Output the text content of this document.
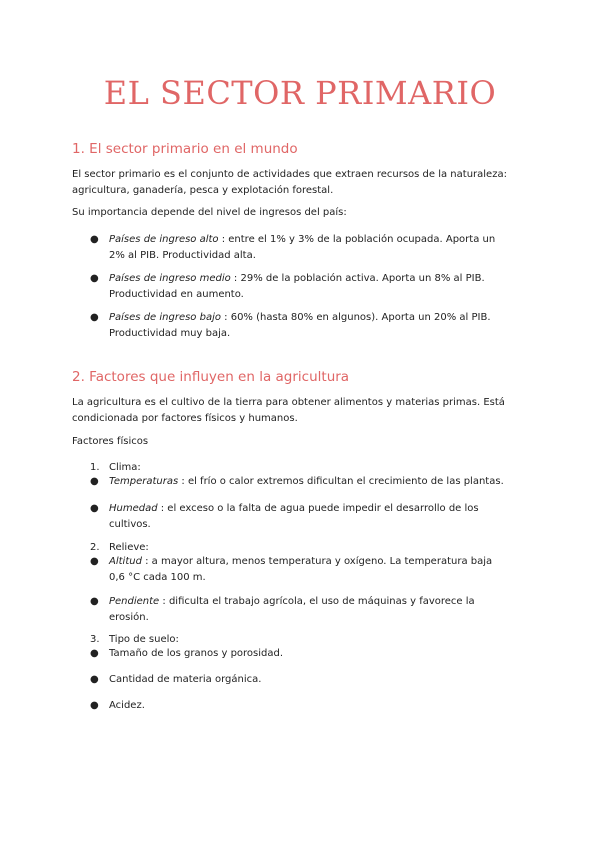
EL SECTOR PRIMARIO
1. El sector primario en el mundo
El sector primario es el conjunto de actividades que extraen recursos de la naturaleza: agricultura, ganadería, pesca y explotación forestal.
Su importancia depende del nivel de ingresos del país:
● Países de ingreso alto : entre el 1% y 3% de la población ocupada. Aporta un 2% al PIB. Productividad alta.
● Países de ingreso medio : 29% de la población activa. Aporta un 8% al PIB. Productividad en aumento.
● Países de ingreso bajo : 60% (hasta 80% en algunos). Aporta un 20% al PIB. Productividad muy baja.
2. Factores que influyen en la agricultura
La agricultura es el cultivo de la tierra para obtener alimentos y materias primas. Está condicionada por factores físicos y humanos.
Factores físicos
1. Clima:
● Temperaturas : el frío o calor extremos dificultan el crecimiento de las plantas.
● Humedad : el exceso o la falta de agua puede impedir el desarrollo de los cultivos.
2. Relieve:
● Altitud : a mayor altura, menos temperatura y oxígeno. La temperatura baja 0,6 °C cada 100 m.
● Pendiente : dificulta el trabajo agrícola, el uso de máquinas y favorece la erosión.
3. Tipo de suelo:
● Tamaño de los granos y porosidad.
● Cantidad de materia orgánica.
● Acidez.
